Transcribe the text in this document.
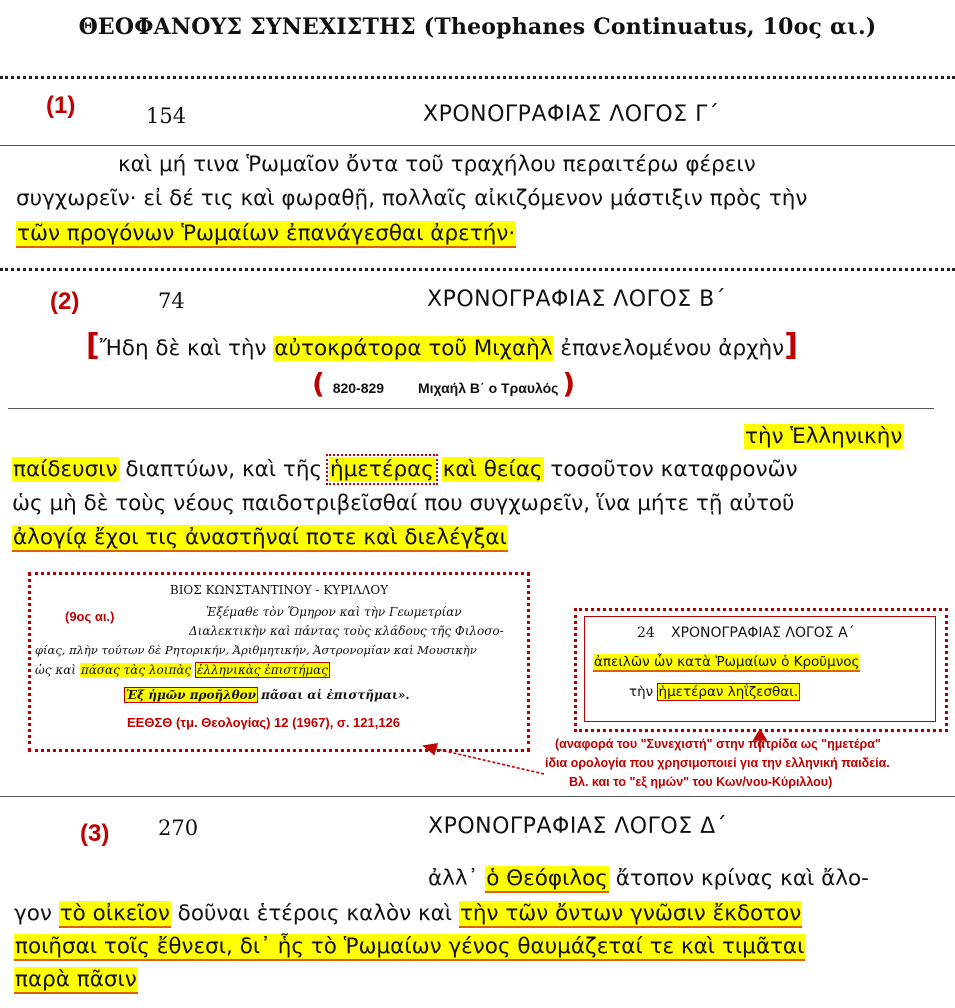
ΘΕΟΦΑΝΟΥΣ ΣΥΝΕΧΙΣΤΗΣ (Theophanes Continuatus, 10ος αι.)
(1)	154	ΧΡΟΝΟΓΡΑΦΙΑΣ ΛΟΓΟΣ Γ΄
καὶ μή τινα Ῥωμαῖον ὄντα τοῦ τραχήλου περαιτέρω φέρειν
συγχωρεῖν· εἰ δέ τις καὶ φωραθῇ, πολλαῖς αἰκιζόμενον μάστιξιν πρὸς τὴν
τῶν προγόνων Ῥωμαίων ἐπανάγεσθαι ἀρετήν·
(2)	74	ΧΡΟΝΟΓΡΑΦΙΑΣ ΛΟΓΟΣ Β΄
[Ἤδη δὲ καὶ τὴν αὐτοκράτορα τοῦ Μιχαὴλ ἐπανελομένου ἀρχὴν]
( 820-829 Μιχαήλ Β΄ ο Τραυλός )
τὴν Ἑλληνικὴν
παίδευσιν διαπτύων, καὶ τῆς ἡμετέρας καὶ θείας τοσοῦτον καταφρονῶν
ὡς μὴ δὲ τοὺς νέους παιδοτριβεῖσθαί που συγχωρεῖν, ἵνα μήτε τῇ αὐτοῦ
ἀλογίᾳ ἔχοι τις ἀναστῆναί ποτε καὶ διελέγξαι
ΒΙΟΣ ΚΩΝΣΤΑΝΤΙΝΟΥ - ΚΥΡΙΛΛΟΥ
(9ος αι.)	Ἐξέμαθε τὸν Ὅμηρον καὶ τὴν Γεωμετρίαν
Διαλεκτικὴν καὶ πάντας τοὺς κλάδους τῆς Φιλοσο-
φίας, πλὴν τούτων δὲ Ρητορικήν, Ἀριθμητικήν, Ἀστρονομίαν καὶ Μουσικὴν
ὡς καὶ πάσας τὰς λοιπὰς ἑλληνικὰς ἐπιστήμας
Ἐξ ἡμῶν προῆλθον πᾶσαι αἱ ἐπιστῆμαι».
ΕΕΘΣΘ (τμ. Θεολογίας) 12 (1967), σ. 121,126
24 ΧΡΟΝΟΓΡΑΦΙΑΣ ΛΟΓΟΣ Α΄
ἀπειλῶν ὧν κατὰ Ῥωμαίων ὁ Κροῦμνος
τὴν ἡμετέραν ληΐζεσθαι.
(αναφορά του "Συνεχιστή" στην πατρίδα ως "ημετέρα"
ίδια ορολογία που χρησιμοποιεί για την ελληνική παιδεία.
Βλ. και το "εξ ημών" του Κων/νου-Κύριλλου)
(3) 270	ΧΡΟΝΟΓΡΑΦΙΑΣ ΛΟΓΟΣ Δ΄
ἀλλ᾽ ὁ Θεόφιλος ἄτοπον κρίνας καὶ ἄλο-
γον τὸ οἰκεῖον δοῦναι ἑτέροις καλὸν καὶ τὴν τῶν ὄντων γνῶσιν ἔκδοτον
ποιῆσαι τοῖς ἔθνεσι, δι᾽ ἧς τὸ Ῥωμαίων γένος θαυμάζεταί τε καὶ τιμᾶται
παρὰ πᾶσιν
